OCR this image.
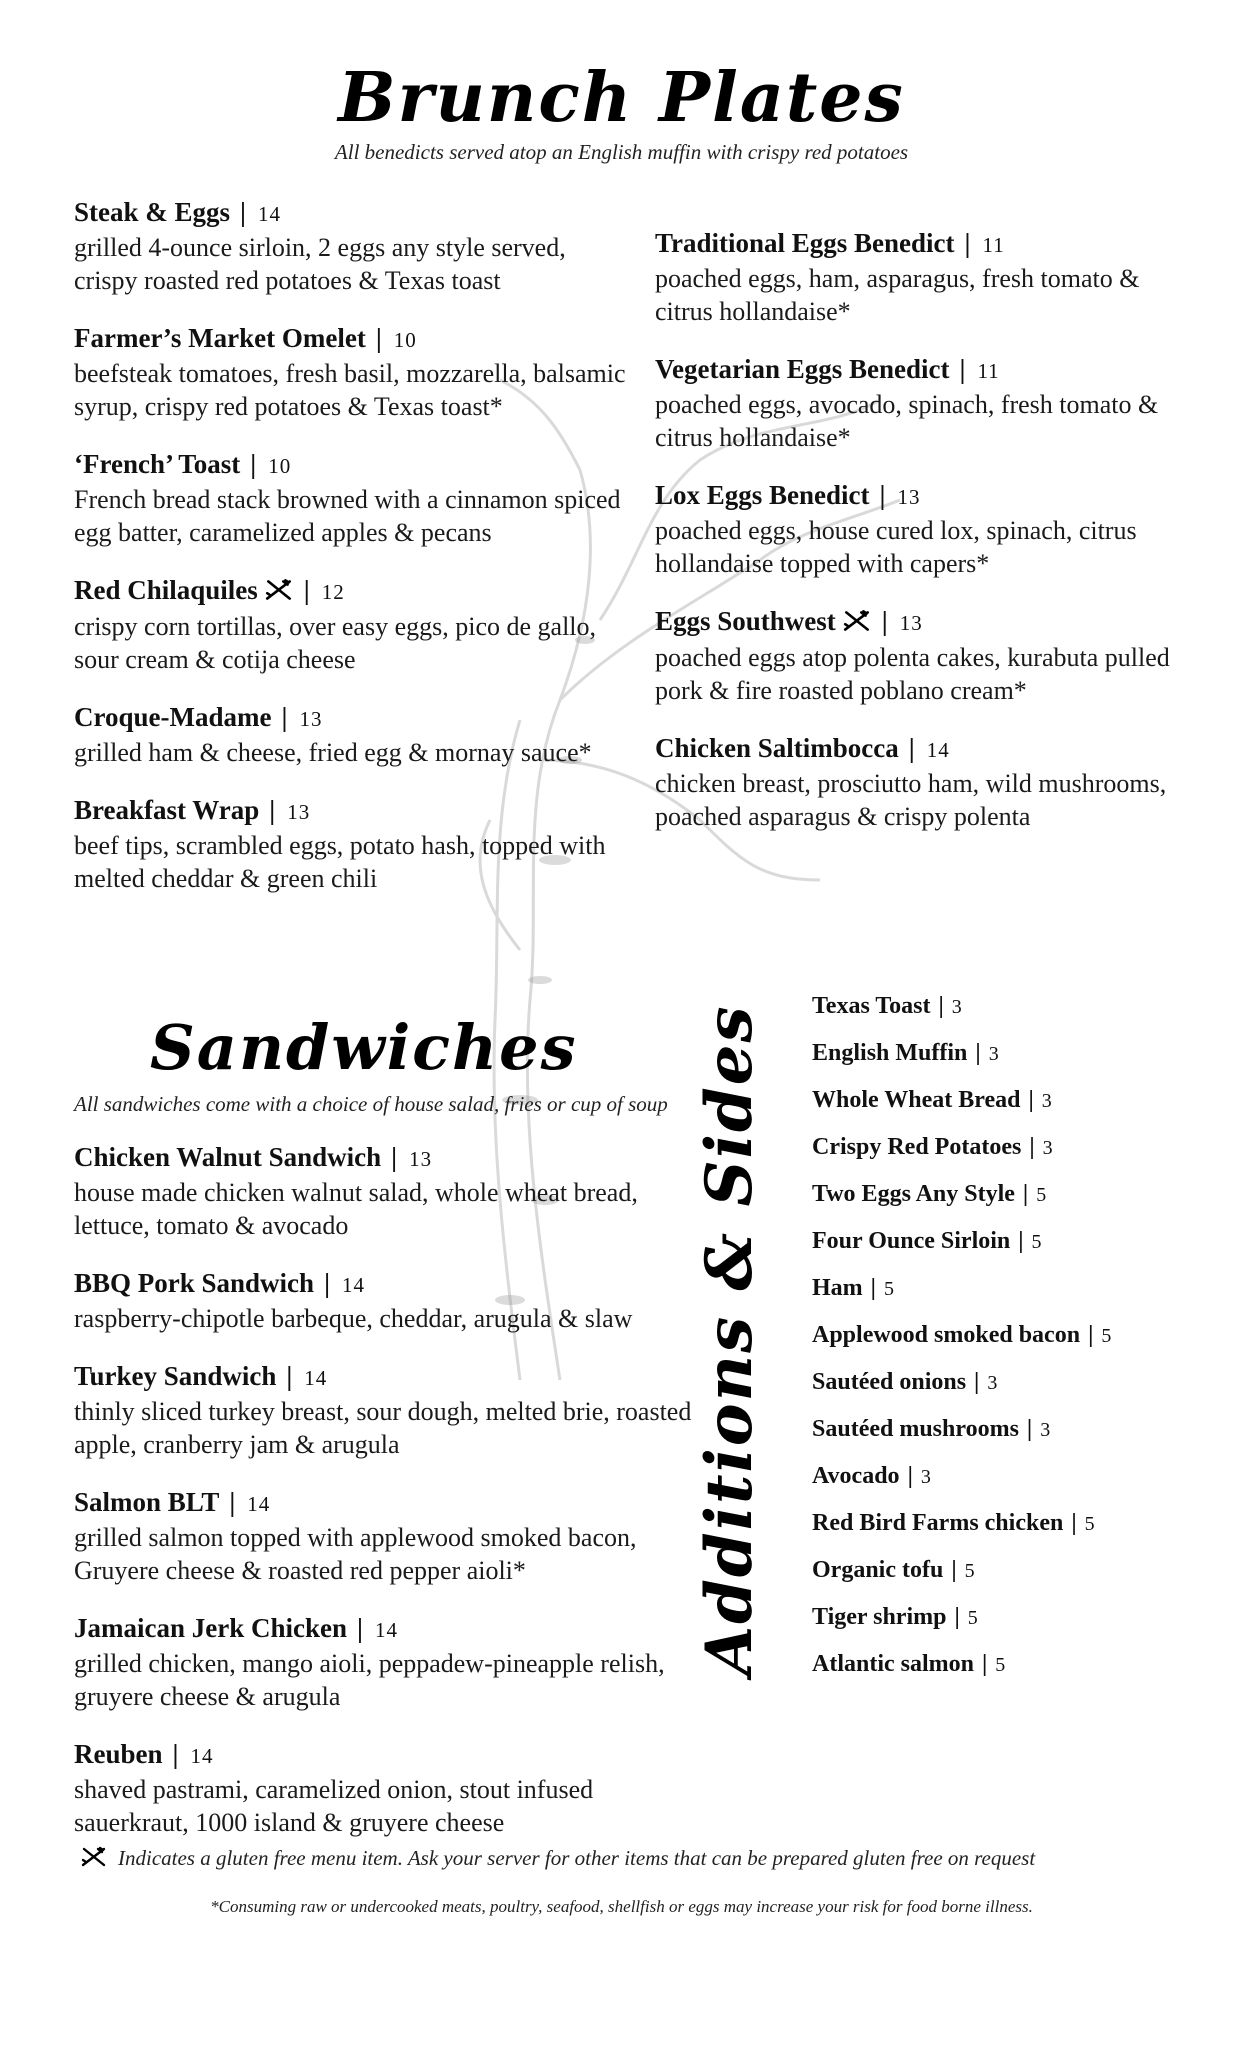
Brunch Plates
All benedicts served atop an English muffin with crispy red potatoes
Steak & Eggs | 14
grilled 4-ounce sirloin, 2 eggs any style served, crispy roasted red potatoes & Texas toast
Farmer’s Market Omelet | 10
beefsteak tomatoes, fresh basil, mozzarella, balsamic syrup, crispy red potatoes & Texas toast*
‘French’ Toast | 10
French bread stack browned with a cinnamon spiced egg batter, caramelized apples & pecans
Red Chilaquiles | 12
crispy corn tortillas, over easy eggs, pico de gallo, sour cream & cotija cheese
Croque-Madame | 13
grilled ham & cheese, fried egg & mornay sauce*
Breakfast Wrap | 13
beef tips, scrambled eggs, potato hash, topped with melted cheddar & green chili
Traditional Eggs Benedict | 11
poached eggs, ham, asparagus, fresh tomato & citrus hollandaise*
Vegetarian Eggs Benedict | 11
poached eggs, avocado, spinach, fresh tomato & citrus hollandaise*
Lox Eggs Benedict | 13
poached eggs, house cured lox, spinach, citrus hollandaise topped with capers*
Eggs Southwest | 13
poached eggs atop polenta cakes, kurabuta pulled pork & fire roasted poblano cream*
Chicken Saltimbocca | 14
chicken breast, prosciutto ham, wild mushrooms, poached asparagus & crispy polenta
Sandwiches
All sandwiches come with a choice of house salad, fries or cup of soup
Chicken Walnut Sandwich | 13
house made chicken walnut salad, whole wheat bread, lettuce, tomato & avocado
BBQ Pork Sandwich | 14
raspberry-chipotle barbeque, cheddar, arugula & slaw
Turkey Sandwich | 14
thinly sliced turkey breast, sour dough, melted brie, roasted apple, cranberry jam & arugula
Salmon BLT | 14
grilled salmon topped with applewood smoked bacon, Gruyere cheese & roasted red pepper aioli*
Jamaican Jerk Chicken | 14
grilled chicken, mango aioli, peppadew-pineapple relish, gruyere cheese & arugula
Reuben | 14
shaved pastrami, caramelized onion, stout infused sauerkraut, 1000 island & gruyere cheese
Additions & Sides Texas Toast | 3
English Muffin | 3
Whole Wheat Bread | 3
Crispy Red Potatoes | 3
Two Eggs Any Style | 5
Four Ounce Sirloin | 5
Ham | 5
Applewood smoked bacon | 5
Sautéed onions | 3
Sautéed mushrooms | 3
Avocado | 3
Red Bird Farms chicken | 5
Organic tofu | 5
Tiger shrimp | 5
Atlantic salmon | 5
Indicates a gluten free menu item. Ask your server for other items that can be prepared gluten free on request
*Consuming raw or undercooked meats, poultry, seafood, shellfish or eggs may increase your risk for food borne illness.
